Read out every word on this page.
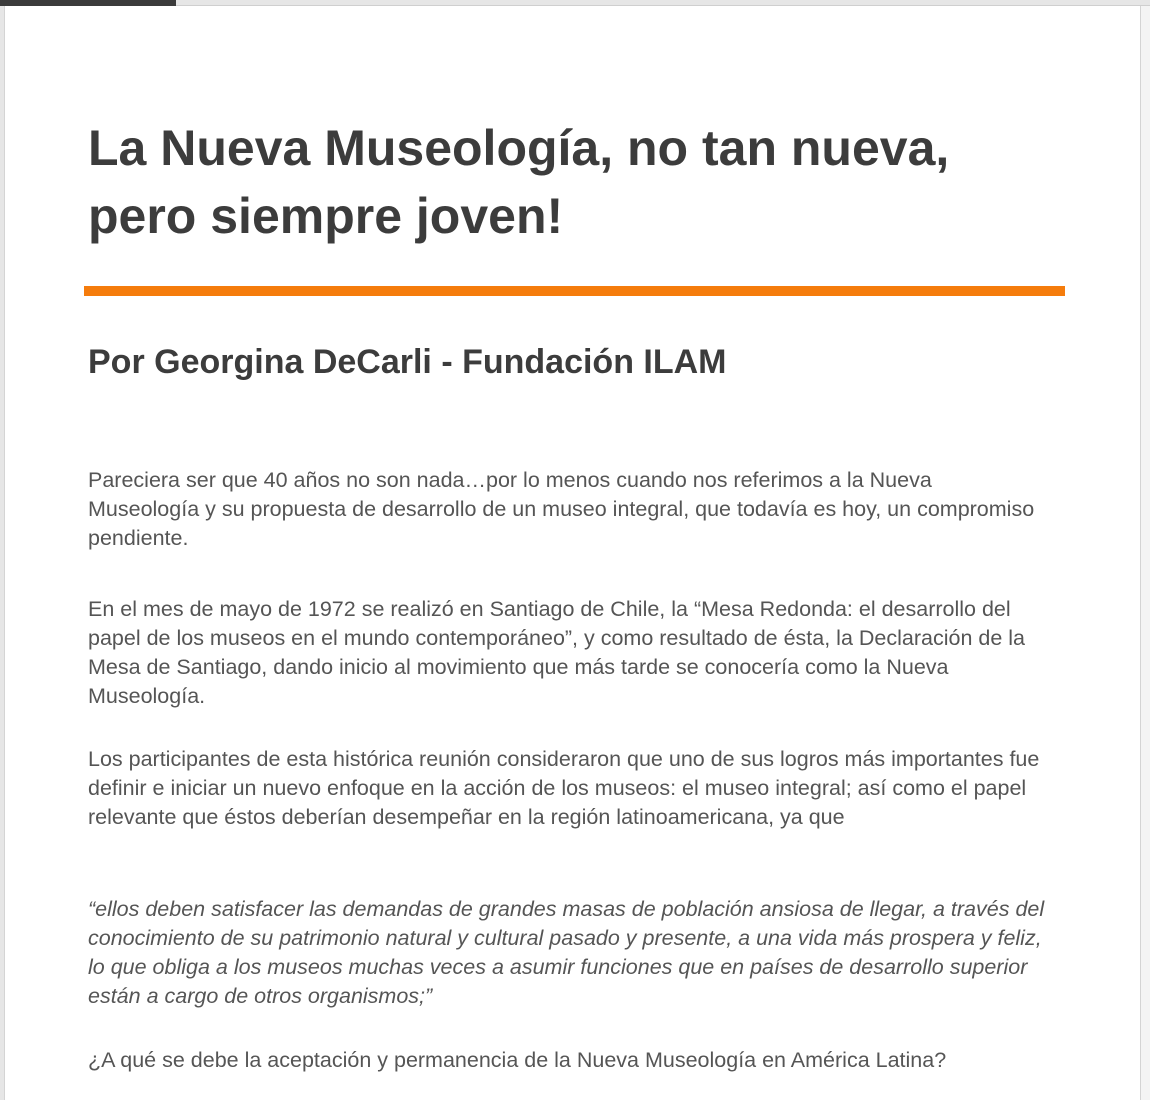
La Nueva Museología, no tan nueva, pero siempre joven!
Por Georgina DeCarli - Fundación ILAM

Pareciera ser que 40 años no son nada…por lo menos cuando nos referimos a la Nueva Museología y su propuesta de desarrollo de un museo integral, que todavía es hoy, un compromiso pendiente.

En el mes de mayo de 1972 se realizó en Santiago de Chile, la “Mesa Redonda: el desarrollo del papel de los museos en el mundo contemporáneo”, y como resultado de ésta, la Declaración de la Mesa de Santiago, dando inicio al movimiento que más tarde se conocería como la Nueva Museología.

Los participantes de esta histórica reunión consideraron que uno de sus logros más importantes fue definir e iniciar un nuevo enfoque en la acción de los museos: el museo integral; así como el papel relevante que éstos deberían desempeñar en la región latinoamericana, ya que

“ellos deben satisfacer las demandas de grandes masas de población ansiosa de llegar, a través del conocimiento de su patrimonio natural y cultural pasado y presente, a una vida más prospera y feliz, lo que obliga a los museos muchas veces a asumir funciones que en países de desarrollo superior están a cargo de otros organismos;”

¿A qué se debe la aceptación y permanencia de la Nueva Museología en América Latina?
